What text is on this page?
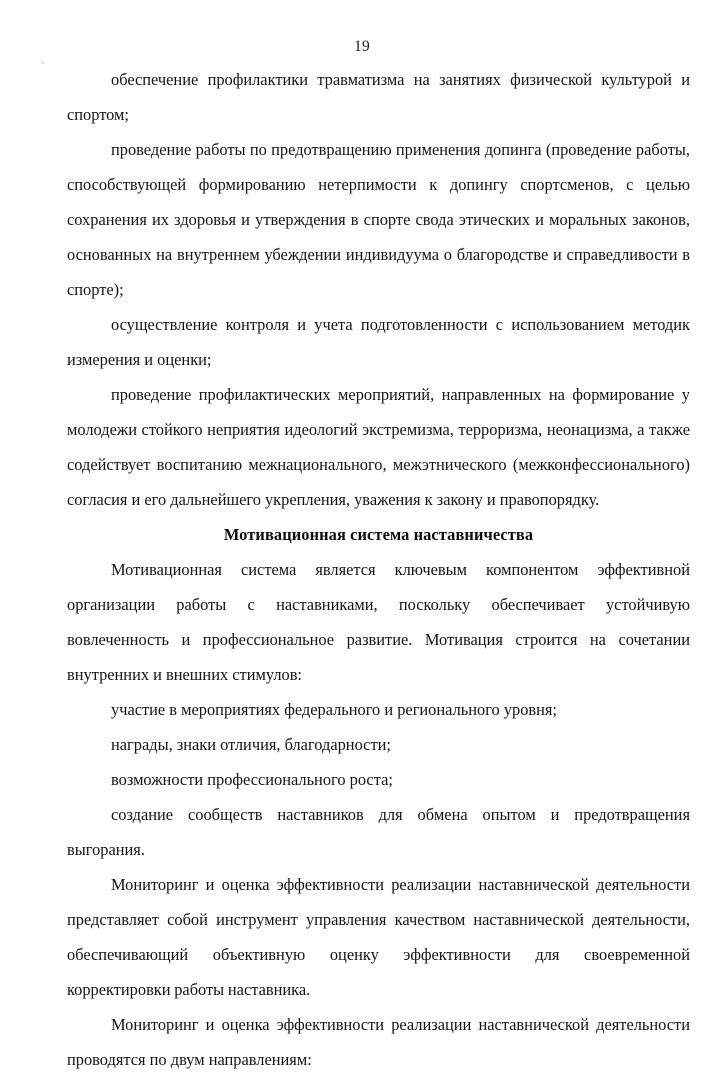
19

обеспечение профилактики травматизма на занятиях физической культурой и спортом;

проведение работы по предотвращению применения допинга (проведение работы, способствующей формированию нетерпимости к допингу спортсменов, с целью сохранения их здоровья и утверждения в спорте свода этических и моральных законов, основанных на внутреннем убеждении индивидуума о благородстве и справедливости в спорте);

осуществление контроля и учета подготовленности с использованием методик измерения и оценки;

проведение профилактических мероприятий, направленных на формирование у молодежи стойкого неприятия идеологий экстремизма, терроризма, неонацизма, а также содействует воспитанию межнационального, межэтнического (межконфессионального) согласия и его дальнейшего укрепления, уважения к закону и правопорядку.

Мотивационная система наставничества

Мотивационная система является ключевым компонентом эффективной организации работы с наставниками, поскольку обеспечивает устойчивую вовлеченность и профессиональное развитие. Мотивация строится на сочетании внутренних и внешних стимулов:

участие в мероприятиях федерального и регионального уровня;

награды, знаки отличия, благодарности;

возможности профессионального роста;

создание сообществ наставников для обмена опытом и предотвращения выгорания.

Мониторинг и оценка эффективности реализации наставнической деятельности представляет собой инструмент управления качеством наставнической деятельности, обеспечивающий объективную оценку эффективности для своевременной корректировки работы наставника.

Мониторинг и оценка эффективности реализации наставнической деятельности проводятся по двум направлениям:
